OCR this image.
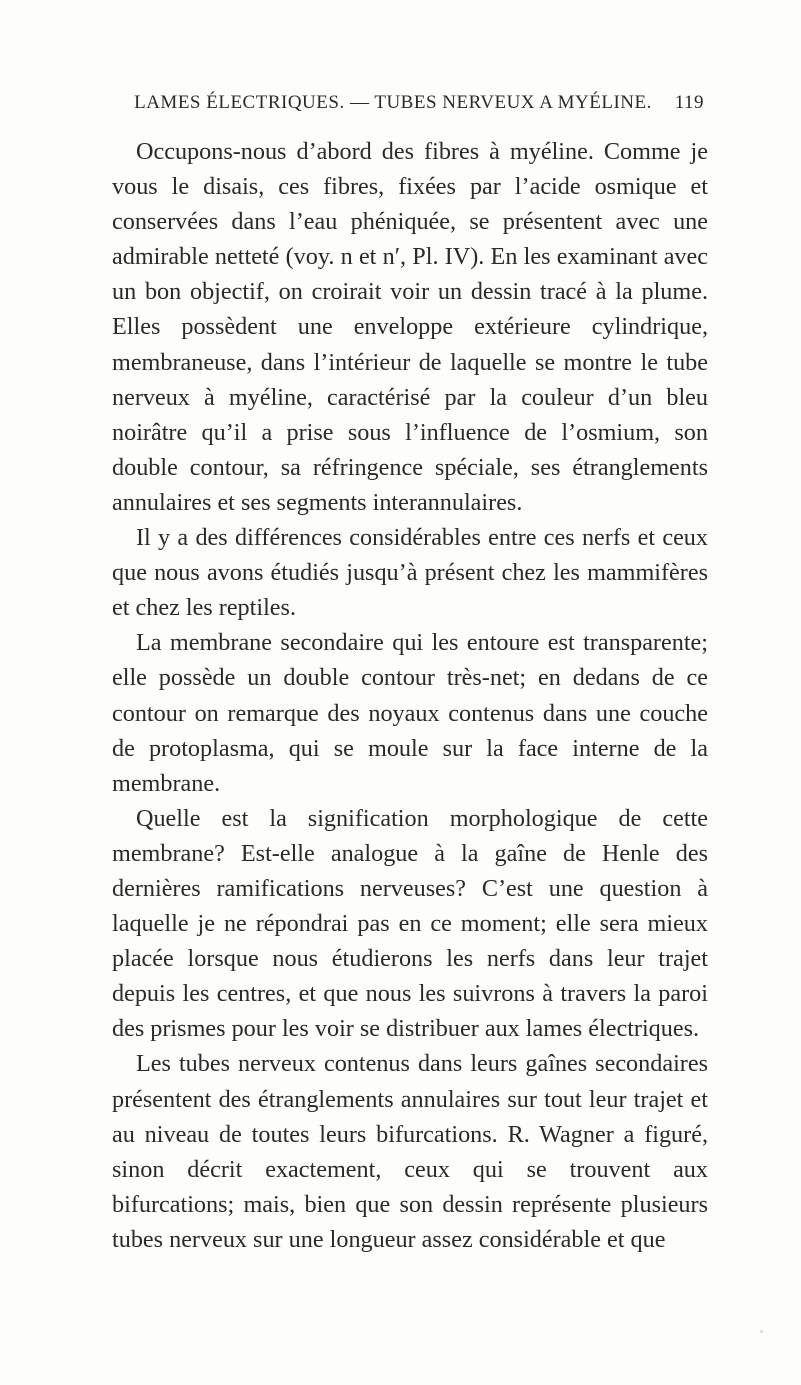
LAMES ÉLECTRIQUES. — TUBES NERVEUX A MYÉLINE.	119

Occupons-nous d’abord des fibres à myéline. Comme je vous le disais, ces fibres, fixées par l’acide osmique et conservées dans l’eau phéniquée, se présentent avec une admirable netteté (voy. n et n′, Pl. IV). En les examinant avec un bon objectif, on croirait voir un dessin tracé à la plume. Elles possèdent une enveloppe extérieure cylindrique, membraneuse, dans l’intérieur de laquelle se montre le tube nerveux à myéline, caractérisé par la couleur d’un bleu noirâtre qu’il a prise sous l’influence de l’osmium, son double contour, sa réfringence spéciale, ses étranglements annulaires et ses segments interannulaires.

Il y a des différences considérables entre ces nerfs et ceux que nous avons étudiés jusqu’à présent chez les mammifères et chez les reptiles.

La membrane secondaire qui les entoure est transparente; elle possède un double contour très-net; en dedans de ce contour on remarque des noyaux contenus dans une couche de protoplasma, qui se moule sur la face interne de la membrane.

Quelle est la signification morphologique de cette membrane? Est-elle analogue à la gaîne de Henle des dernières ramifications nerveuses? C’est une question à laquelle je ne répondrai pas en ce moment; elle sera mieux placée lorsque nous étudierons les nerfs dans leur trajet depuis les centres, et que nous les suivrons à travers la paroi des prismes pour les voir se distribuer aux lames électriques.

Les tubes nerveux contenus dans leurs gaînes secondaires présentent des étranglements annulaires sur tout leur trajet et au niveau de toutes leurs bifurcations. R. Wagner a figuré, sinon décrit exactement, ceux qui se trouvent aux bifurcations; mais, bien que son dessin représente plusieurs tubes nerveux sur une longueur assez considérable et que
